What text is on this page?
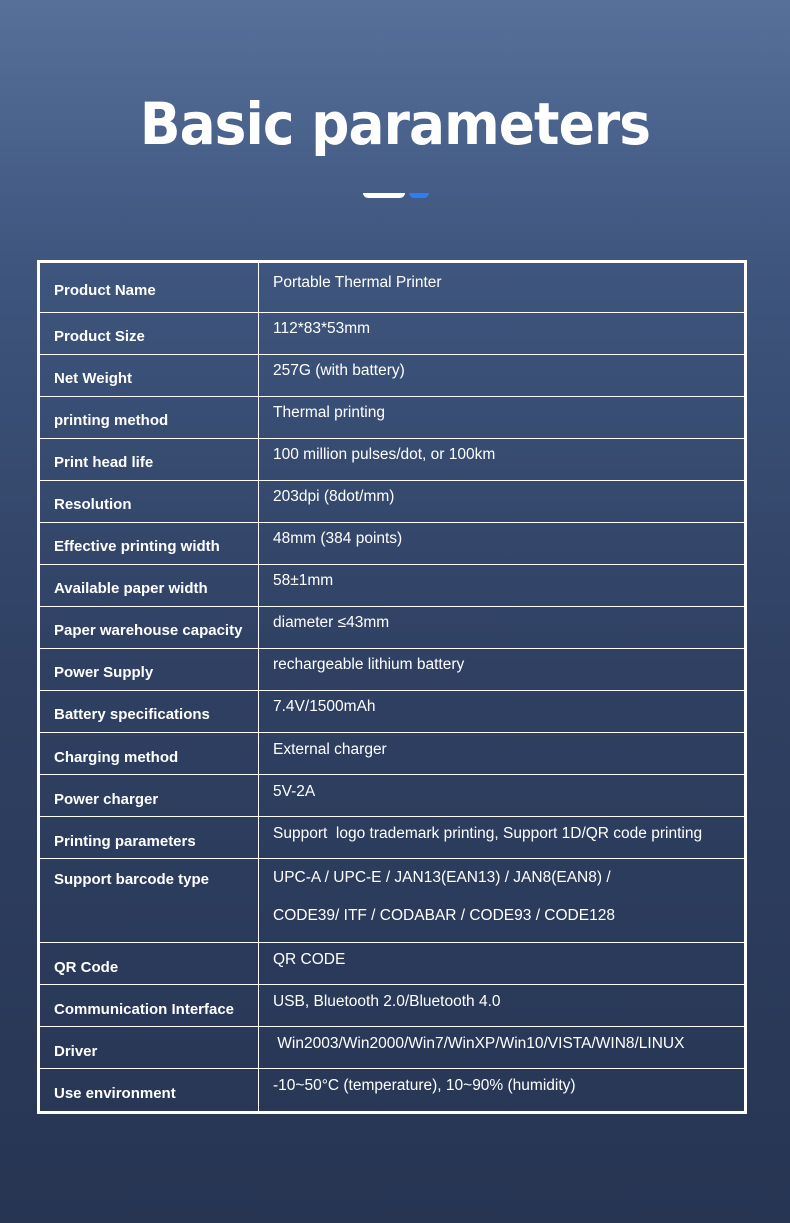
Basic parameters
Product Name	Portable Thermal Printer
Product Size	112*83*53mm
Net Weight	257G (with battery)
printing method	Thermal printing
Print head life	100 million pulses/dot, or 100km
Resolution	203dpi (8dot/mm)
Effective printing width	48mm (384 points)
Available paper width	58±1mm
Paper warehouse capacity	diameter ≤43mm
Power Supply	rechargeable lithium battery
Battery specifications	7.4V/1500mAh
Charging method	External charger
Power charger	5V-2A
Printing parameters	Support  logo trademark printing, Support 1D/QR code printing
Support barcode type	UPC-A / UPC-E / JAN13(EAN13) / JAN8(EAN8) /
CODE39/ ITF / CODABAR / CODE93 / CODE128

QR Code	QR CODE
Communication Interface	USB, Bluetooth 2.0/Bluetooth 4.0
Driver	Win2003/Win2000/Win7/WinXP/Win10/VISTA/WIN8/LINUX
Use environment	-10~50°C (temperature), 10~90% (humidity)
